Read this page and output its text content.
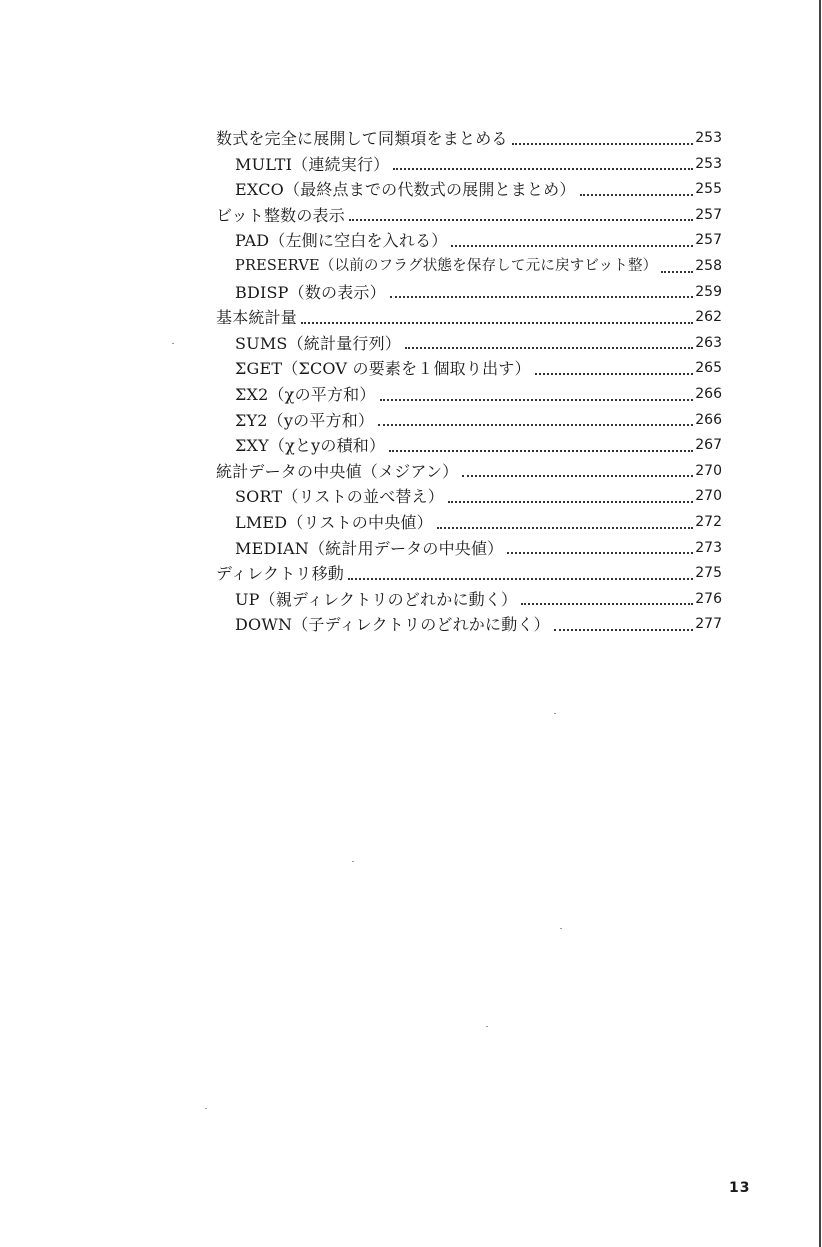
数式を完全に展開して同類項をまとめる	253
MULTI（連続実行）	253
EXCO（最終点までの代数式の展開とまとめ）	255
ビット整数の表示	257
PAD（左側に空白を入れる）	257
PRESERVE（以前のフラグ状態を保存して元に戻すビット整）	258
BDISP（数の表示）	259
基本統計量	262
SUMS（統計量行列）	263
ΣGET（ΣCOV の要素を１個取り出す）	265
ΣX2（χの平方和）	266
ΣY2（yの平方和）	266
ΣXY（χとyの積和）	267
統計データの中央値（メジアン）	270
SORT（リストの並べ替え）	270
LMED（リストの中央値）	272
MEDIAN（統計用データの中央値）	273
ディレクトリ移動	275
UP（親ディレクトリのどれかに動く）	276
DOWN（子ディレクトリのどれかに動く）	277
13
